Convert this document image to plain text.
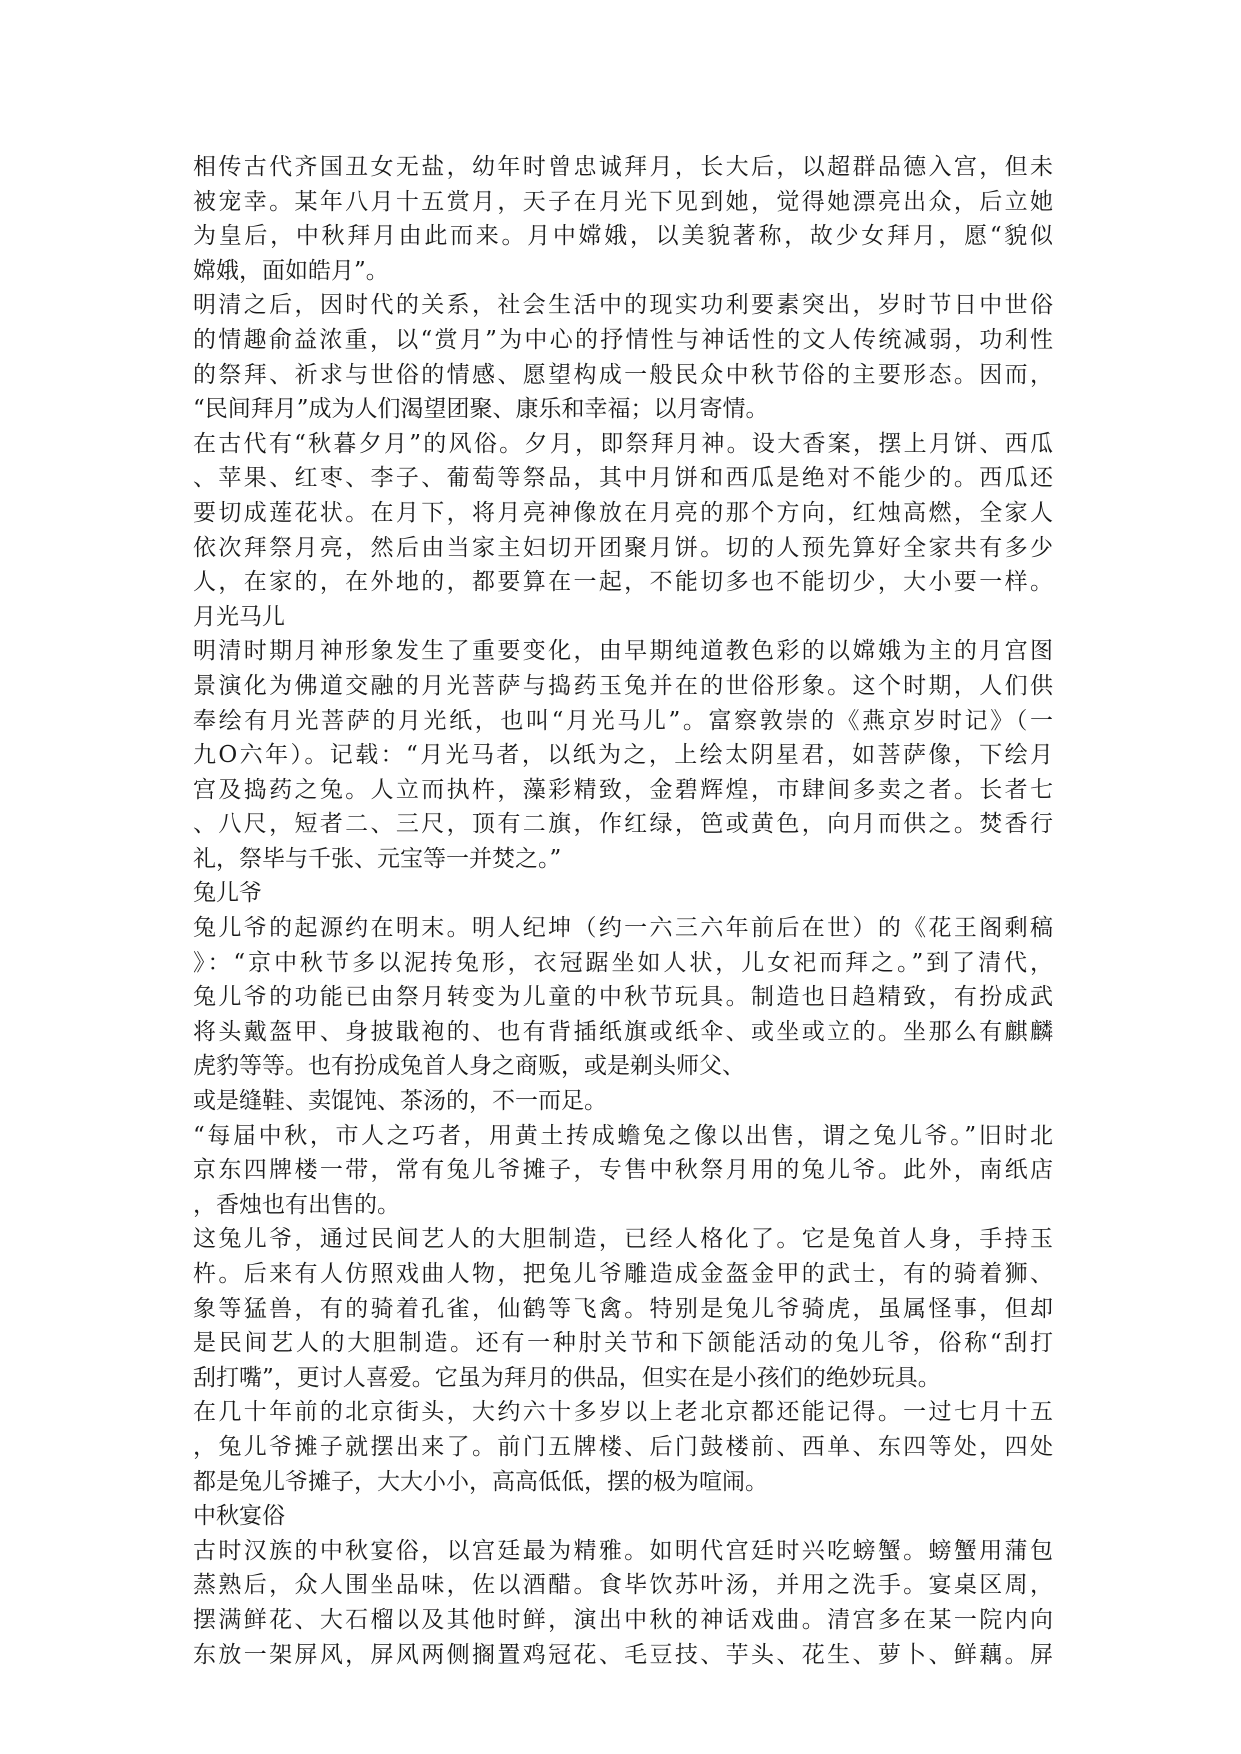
相传古代齐国丑女无盐，幼年时曾忠诚拜月，长大后，以超群品德入宫，但未
被宠幸。某年八月十五赏月，天子在月光下见到她，觉得她漂亮出众，后立她
为皇后，中秋拜月由此而来。月中嫦娥，以美貌著称，故少女拜月，愿“貌似
嫦娥，面如皓月”。
明清之后，因时代的关系，社会生活中的现实功利要素突出，岁时节日中世俗
的情趣俞益浓重，以“赏月”为中心的抒情性与神话性的文人传统减弱，功利性
的祭拜、祈求与世俗的情感、愿望构成一般民众中秋节俗的主要形态。因而，
“民间拜月”成为人们渴望团聚、康乐和幸福；以月寄情。
在古代有“秋暮夕月”的风俗。夕月，即祭拜月神。设大香案，摆上月饼、西瓜
、苹果、红枣、李子、葡萄等祭品，其中月饼和西瓜是绝对不能少的。西瓜还
要切成莲花状。在月下，将月亮神像放在月亮的那个方向，红烛高燃，全家人
依次拜祭月亮，然后由当家主妇切开团聚月饼。切的人预先算好全家共有多少
人，在家的，在外地的，都要算在一起，不能切多也不能切少，大小要一样。
月光马儿
明清时期月神形象发生了重要变化，由早期纯道教色彩的以嫦娥为主的月宫图
景演化为佛道交融的月光菩萨与捣药玉兔并在的世俗形象。这个时期，人们供
奉绘有月光菩萨的月光纸，也叫“月光马儿”。富察敦崇的《燕京岁时记》（一
九O六年）。记载：“月光马者，以纸为之，上绘太阴星君，如菩萨像，下绘月
宫及捣药之兔。人立而执杵，藻彩精致，金碧辉煌，市肆间多卖之者。长者七
、八尺，短者二、三尺，顶有二旗，作红绿，笆或黄色，向月而供之。焚香行
礼，祭毕与千张、元宝等一并焚之。”
兔儿爷
兔儿爷的起源约在明末。明人纪坤（约一六三六年前后在世）的《花王阁剩稿
》：“京中秋节多以泥抟兔形，衣冠踞坐如人状，儿女祀而拜之。”到了清代，
兔儿爷的功能已由祭月转变为儿童的中秋节玩具。制造也日趋精致，有扮成武
将头戴盔甲、身披戢袍的、也有背插纸旗或纸伞、或坐或立的。坐那么有麒麟
虎豹等等。也有扮成兔首人身之商贩，或是剃头师父、
或是缝鞋、卖馄饨、茶汤的，不一而足。
“每届中秋，市人之巧者，用黄土抟成蟾兔之像以出售，谓之兔儿爷。”旧时北
京东四牌楼一带，常有兔儿爷摊子，专售中秋祭月用的兔儿爷。此外，南纸店
，香烛也有出售的。
这兔儿爷，通过民间艺人的大胆制造，已经人格化了。它是兔首人身，手持玉
杵。后来有人仿照戏曲人物，把兔儿爷雕造成金盔金甲的武士，有的骑着狮、
象等猛兽，有的骑着孔雀，仙鹤等飞禽。特别是兔儿爷骑虎，虽属怪事，但却
是民间艺人的大胆制造。还有一种肘关节和下颌能活动的兔儿爷，俗称“刮打
刮打嘴”，更讨人喜爱。它虽为拜月的供品，但实在是小孩们的绝妙玩具。
在几十年前的北京街头，大约六十多岁以上老北京都还能记得。一过七月十五
，兔儿爷摊子就摆出来了。前门五牌楼、后门鼓楼前、西单、东四等处，四处
都是兔儿爷摊子，大大小小，高高低低，摆的极为喧闹。
中秋宴俗
古时汉族的中秋宴俗，以宫廷最为精雅。如明代宫廷时兴吃螃蟹。螃蟹用蒲包
蒸熟后，众人围坐品味，佐以酒醋。食毕饮苏叶汤，并用之洗手。宴桌区周，
摆满鲜花、大石榴以及其他时鲜，演出中秋的神话戏曲。清宫多在某一院内向
东放一架屏风，屏风两侧搁置鸡冠花、毛豆技、芋头、花生、萝卜、鲜藕。屏
